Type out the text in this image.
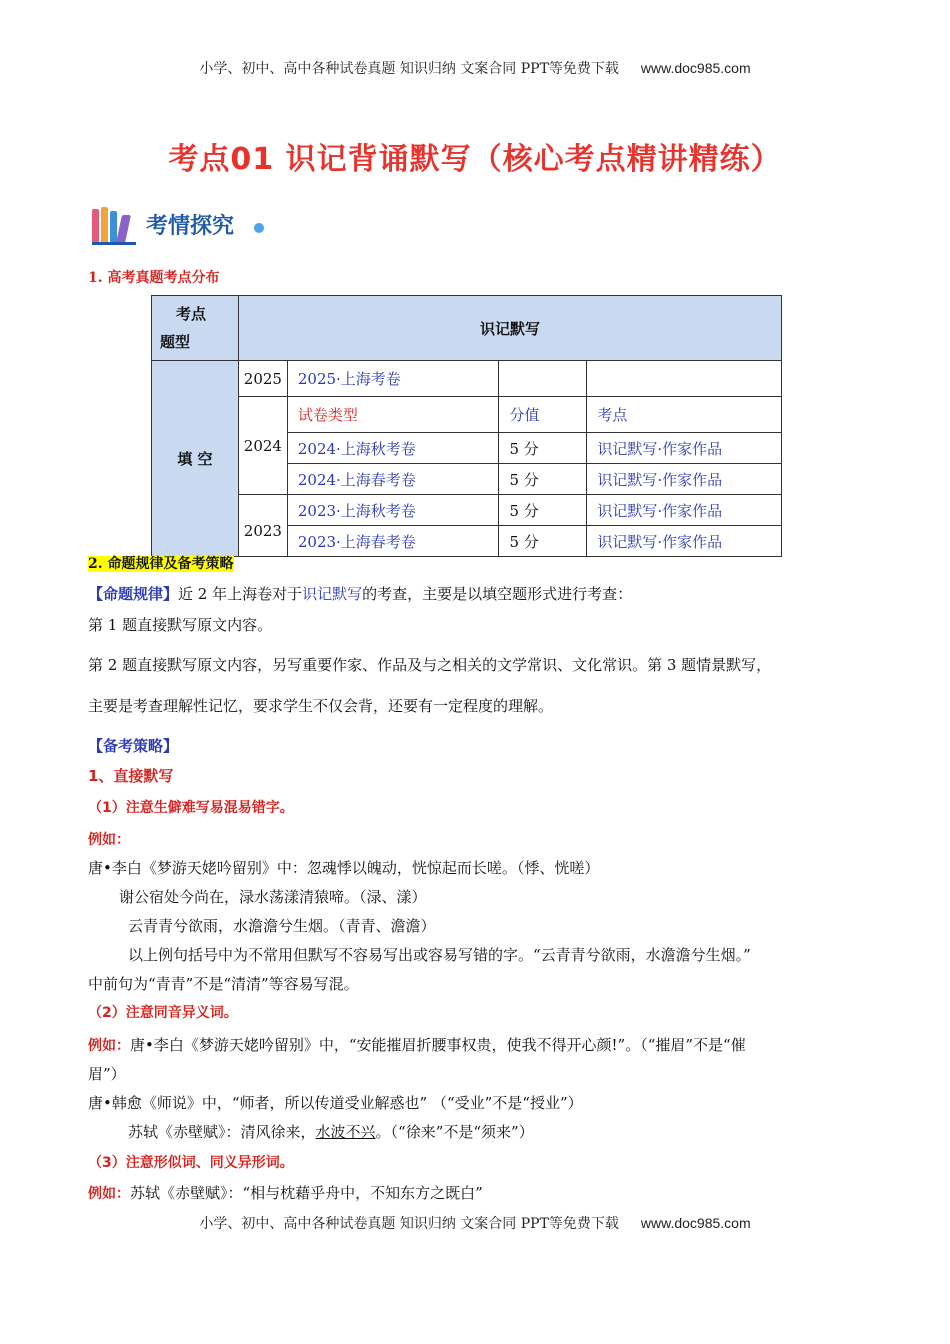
小学、初中、高中各种试卷真题 知识归纳 文案合同 PPT等免费下载 www.doc985.com
考点01 识记背诵默写（核心考点精讲精练）
考情探究
1. 高考真题考点分布
考点
题型	识记默写			
填 空	2025	2025·上海考卷		
	2024	试卷类型	分值	考点
		2024·上海秋考卷	5 分	识记默写·作家作品
		2024·上海春考卷	5 分	识记默写·作家作品
	2023	2023·上海秋考卷	5 分	识记默写·作家作品
		2023·上海春考卷	5 分	识记默写·作家作品
2. 命题规律及备考策略
【命题规律】近 2 年上海卷对于识记默写的考查，主要是以填空题形式进行考查：
第 1 题直接默写原文内容。
第 2 题直接默写原文内容，另写重要作家、作品及与之相关的文学常识、文化常识。第 3 题情景默写，
主要是考查理解性记忆，要求学生不仅会背，还要有一定程度的理解。
【备考策略】
1、直接默写
（1）注意生僻难写易混易错字。
例如：
唐•李白《梦游天姥吟留别》中：忽魂悸以魄动，恍惊起而长嗟。（悸、恍嗟）
谢公宿处今尚在，渌水荡漾清猿啼。（渌、漾）
云青青兮欲雨，水澹澹兮生烟。（青青、澹澹）
以上例句括号中为不常用但默写不容易写出或容易写错的字。“云青青兮欲雨，水澹澹兮生烟。”
中前句为“青青”不是“清清”等容易写混。
（2）注意同音异义词。
例如：唐•李白《梦游天姥吟留别》中，“安能摧眉折腰事权贵，使我不得开心颜!”。（“摧眉”不是“催
眉”）
唐•韩愈《师说》中，“师者，所以传道受业解惑也” （“受业”不是“授业”）
苏轼《赤壁赋》：清风徐来，水波不兴。（“徐来”不是“须来”）
（3）注意形似词、同义异形词。
例如：苏轼《赤壁赋》：“相与枕藉乎舟中，不知东方之既白”
小学、初中、高中各种试卷真题 知识归纳 文案合同 PPT等免费下载 www.doc985.com
